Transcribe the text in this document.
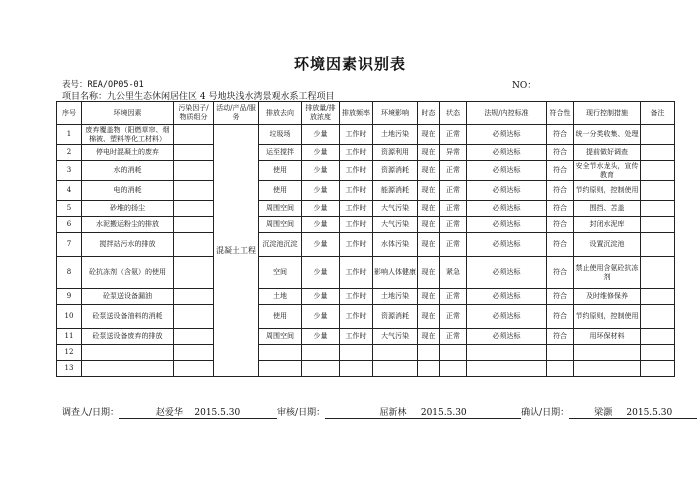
环境因素识别表
表号：REA/OP05-01	NO：
项目名称：九公里生态休闲居住区 4 号地块浅水湾景观水系工程项目
序号	环境因素	污染因子/物质组分	活动/产品/服务	排放去向	排放量/排放浓度	排放频率	环境影响	时态	状态	法规/内控标准	符合性	现行控制措施	备注
1	废弃覆盖物（阳燃草帘、烟棉被、塑料等化工材料）		混凝土工程	垃圾场	少量	工作时	土地污染	现在	正常	必须达标	符合	统一分类收集、处理	
2	停电时混凝土的废弃			运至搅拌	少量	工作时	资源利用	现在	异常	必须达标	符合	提前做好调查	
3	水的消耗			使用	少量	工作时	资源消耗	现在	正常	必须达标	符合	安全节水龙头，宣传教育	
4	电的消耗			使用	少量	工作时	能源消耗	现在	正常	必须达标	符合	节约原则，控制使用	
5	砂堆的扬尘			周围空间	少量	工作时	大气污染	现在	正常	必须达标	符合	围挡、苫盖	
6	水泥搬运粉尘的排放			周围空间	少量	工作时	大气污染	现在	正常	必须达标	符合	封闭水泥库	
7	搅拌站污水的排放			沉淀池沉淀	少量	工作时	水体污染	现在	正常	必须达标	符合	设置沉淀池	
8	砼抗冻剂（含氨）的使用			空间	少量	工作时	影响人体健康	现在	紧急	必须达标	符合	禁止使用含氨砼抗冻剂	
9	砼泵送设备漏油			土地	少量	工作时	土地污染	现在	正常	必须达标	符合	及时维修保养	
10	砼泵送设备油料的消耗			使用	少量	工作时	资源消耗	现在	正常	必须达标	符合	节约原则，控制使用	
11	砼泵送设备废弃的排放			周围空间	少量	工作时	大气污染	现在	正常	必须达标	符合	用环保材料	
12													
13													
调查人/日期：	赵爱华 2015.5.30	审核/日期：	屈新林 2015.5.30	确认/日期：	梁灏 2015.5.30
